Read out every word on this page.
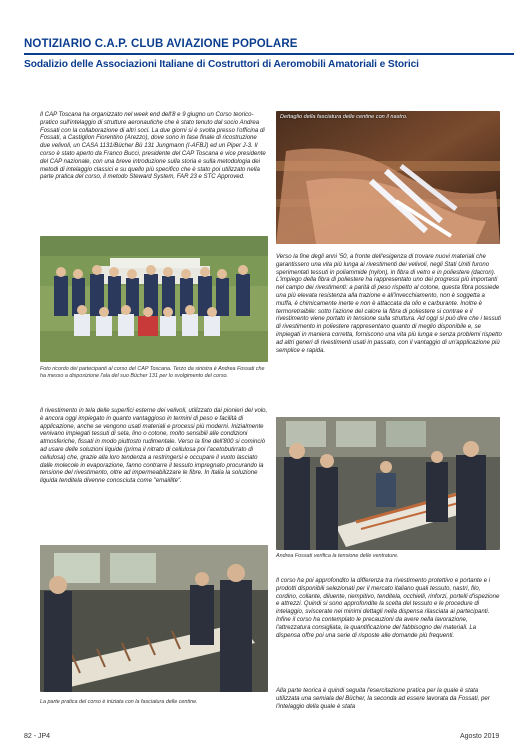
NOTIZIARIO C.A.P. CLUB AVIAZIONE POPOLARE
Sodalizio delle Associazioni Italiane di Costruttori di Aeromobili Amatoriali e Storici

Il CAP Toscana ha organizzato nel week end dell'8 e 9 giugno un Corso teorico-pratico sull'intelaggio di strutture aeronautiche che è stato tenuto dal socio Andrea Fossati con la collaborazione di altri soci. La due giorni si è svolta presso l'officina di Fossati, a Castiglion Fiorentino (Arezzo), dove sono in fase finale di ricostruzione due velivoli, un CASA 1131/Bücher Bü 131 Jungmann (I-AFBJ) ed un Piper J-3. Il corso è stato aperto da Franco Bucci, presidente del CAP Toscana e vice presidente del CAP nazionale, con una breve introduzione sulla storia e sulla metodologia dei metodi di intelaggio classici e su quello più specifico che è stato poi utilizzato nella parte pratica del corso, il metodo Steward System, FAR 23 e STC Approved.

Dettaglio della fasciatura delle centine con il nastro.

Foto ricordo dei partecipanti al corso del CAP Toscana. Terzo da sinistra è Andrea Fossati che ha messo a disposizione l'ala del suo Bücher 131 per lo svolgimento del corso.

Verso la fine degli anni '50, a fronte dell'esigenza di trovare nuovi materiali che garantissero una vita più lunga ai rivestimenti dei velivoli, negli Stati Uniti furono sperimentati tessuti in poliammide (nylon), in fibra di vetro e in poliestere (dacron). L'impiego della fibra di poliestere ha rappresentato uno dei progressi più importanti nel campo dei rivestimenti: a parità di peso rispetto al cotone, questa fibra possiede una più elevata resistenza alla trazione e all'invecchiamento, non è soggetta a muffa, è chimicamente inerte e non è attaccata da olio e carburante. Inoltre è termoretraibile: sotto l'azione del calore la fibra di poliestere si contrae e il rivestimento viene portato in tensione sulla struttura. Ad oggi si può dire che i tessuti di rivestimento in poliestere rappresentano quanto di meglio disponibile e, se impiegati in maniera corretta, forniscono una vita più lunga e senza problemi rispetto ad altri generi di rivestimenti usati in passato, con il vantaggio di un'applicazione più semplice e rapida.

Il rivestimento in tela delle superfici esterne dei velivoli, utilizzato dai pionieri del volo, è ancora oggi impiegato in quanto vantaggioso in termini di peso e facilità di applicazione, anche se vengono usati materiali e processi più moderni. Inizialmente venivano impiegati tessuti di seta, lino o cotone, molto sensibili alle condizioni atmosferiche, fissati in modo piuttosto rudimentale. Verso la fine dell'800 si cominciò ad usare delle soluzioni liquide (prima il nitrato di cellulosa poi l'acetobutirrato di cellulosa) che, grazie alla loro tendenza a restringersi e occupare il vuoto lasciato dalle molecole in evaporazione, fanno contrarre il tessuto impregnato procurando la tensione del rivestimento, oltre ad impermeabilizzare le fibre. In Italia la soluzione liquida tenditela divenne conosciuta come "emaillite".

Andrea Fossati verifica la tensione delle ventrature.

La parte pratica del corso è iniziata con la fasciatura delle centine.

Il corso ha poi approfondito la differenza tra rivestimento protettivo e portante e i prodotti disponibili selezionati per il mercato italiano quali tessuto, nastri, filo, cordino, collante, diluente, riempitivo, tenditela, occhielli, rinforzi, portelli d'ispezione e attrezzi. Quindi si sono approfondite la scelta del tessuto e le procedure di intelaggio, sviscerate nei minimi dettagli nella dispensa rilasciata ai partecipanti. Infine il corso ha contemplato le precauzioni da avere nella lavorazione, l'attrezzatura consigliata, la quantificazione del fabbisogno dei materiali. La dispensa offre poi una serie di risposte alle domande più frequenti.

Alla parte teorica è quindi seguita l'esercitazione pratica per la quale è stata utilizzata una semiala del Bücher, la seconda ad essere lavorata da Fossati, per l'intelaggio della quale è stata

82 - JP4	Agosto 2019
